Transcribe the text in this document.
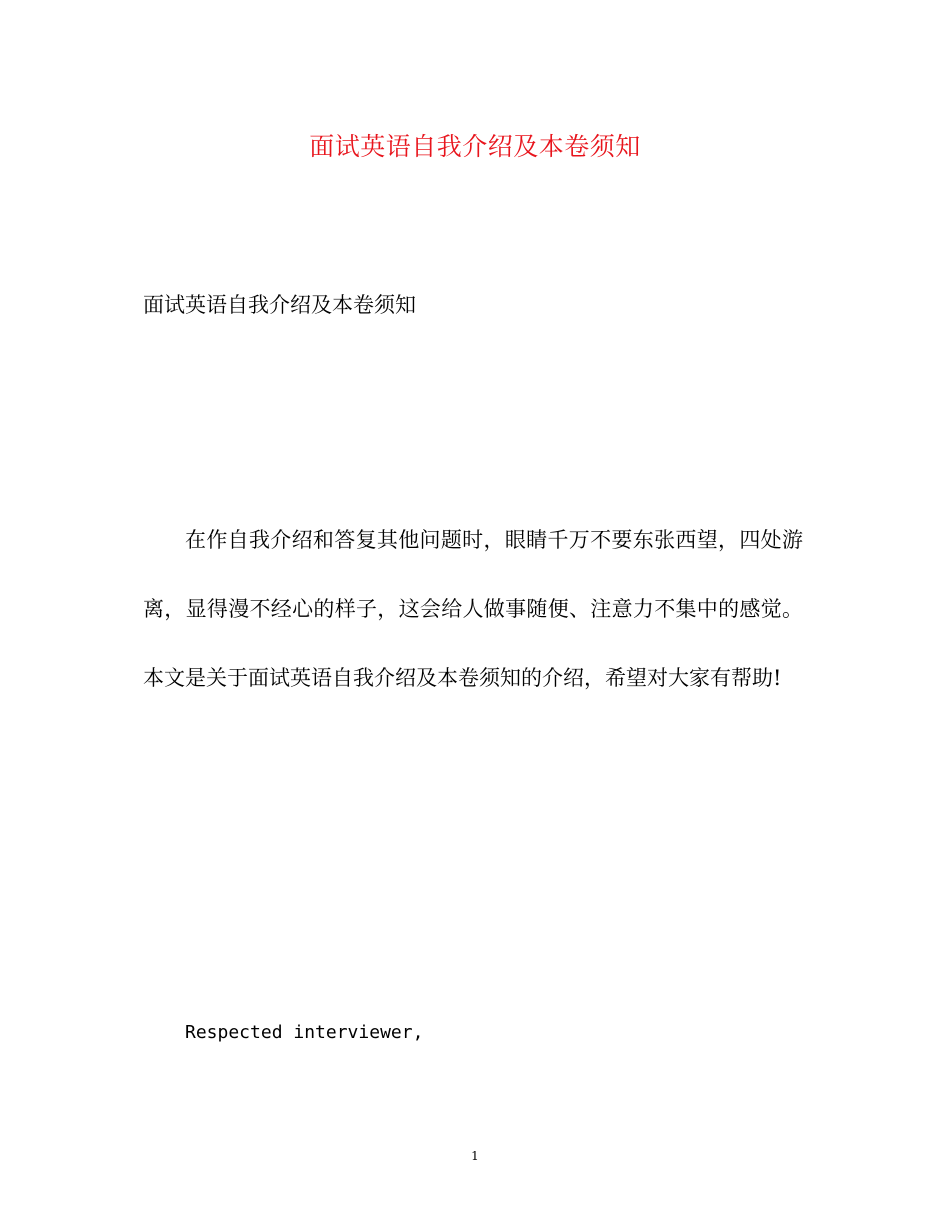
面试英语自我介绍及本卷须知
面试英语自我介绍及本卷须知

在作自我介绍和答复其他问题时，眼睛千万不要东张西望，四处游离，显得漫不经心的样子，这会给人做事随便、注意力不集中的感觉。本文是关于面试英语自我介绍及本卷须知的介绍，希望对大家有帮助!

Respected interviewer,
1
